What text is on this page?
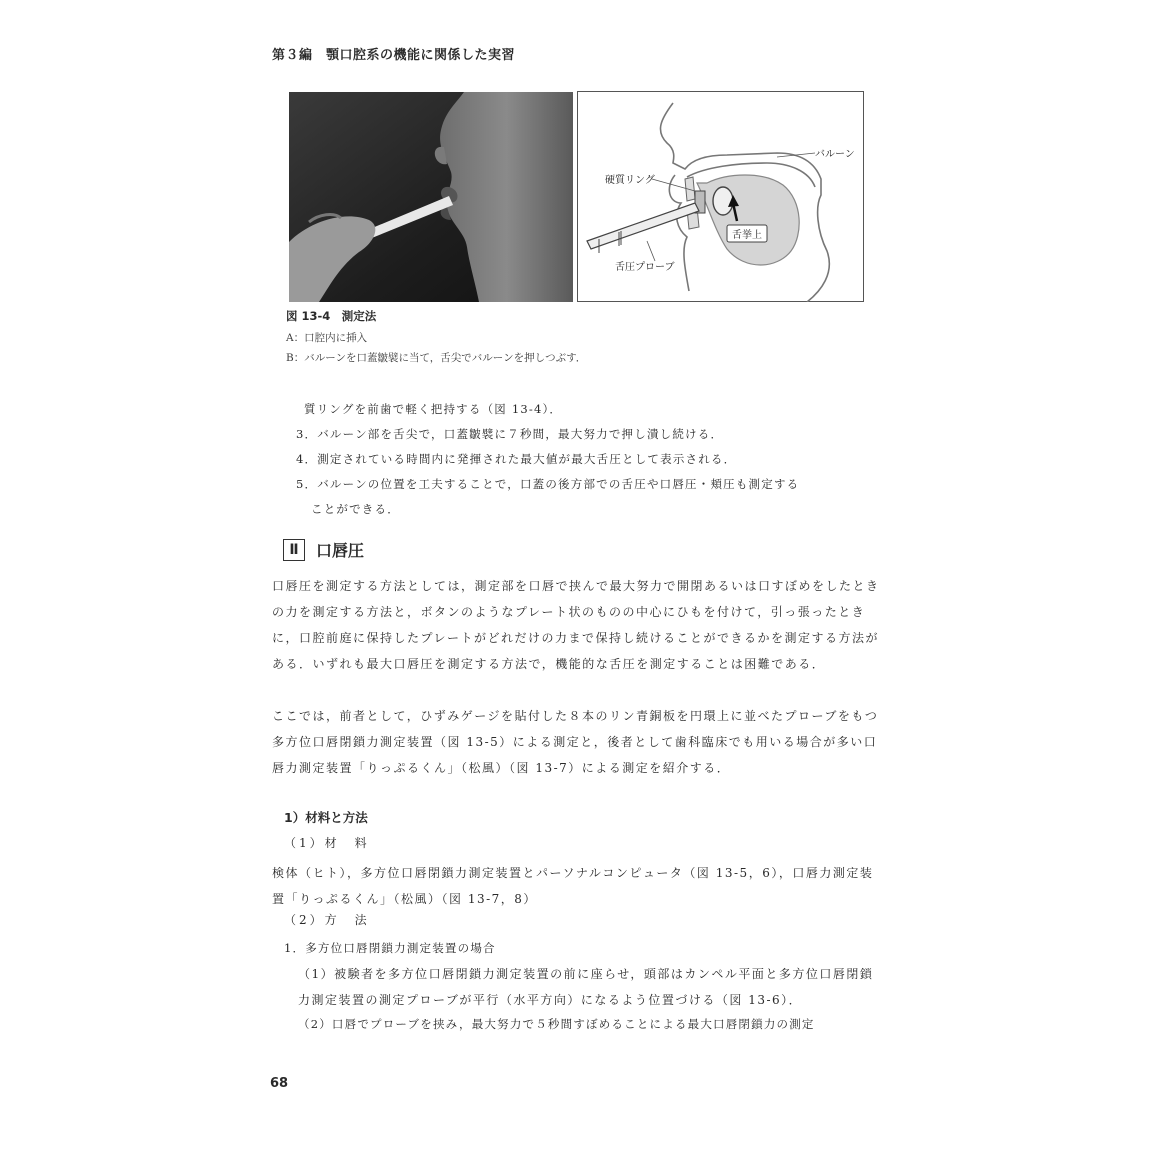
第３編　顎口腔系の機能に関係した実習
舌挙上
バルーン
硬質リング
舌圧プローブ
図 13-4　測定法
A：口腔内に挿入
B：バルーンを口蓋皺襞に当て，舌尖でバルーンを押しつぶす．
質リングを前歯で軽く把持する（図 13-4）．
3．バルーン部を舌尖で，口蓋皺襞に７秒間，最大努力で押し潰し続ける．
4．測定されている時間内に発揮された最大値が最大舌圧として表示される．
5．バルーンの位置を工夫することで，口蓋の後方部での舌圧や口唇圧・頬圧も測定する
ことができる．
Ⅱ	口唇圧
口唇圧を測定する方法としては，測定部を口唇で挟んで最大努力で開閉あるいは口すぼめをしたときの力を測定する方法と，ボタンのようなプレート状のものの中心にひもを付けて，引っ張ったときに，口腔前庭に保持したプレートがどれだけの力まで保持し続けることができるかを測定する方法がある．いずれも最大口唇圧を測定する方法で，機能的な舌圧を測定することは困難である．
ここでは，前者として，ひずみゲージを貼付した８本のリン青銅板を円環上に並べたプローブをもつ多方位口唇閉鎖力測定装置（図 13-5）による測定と，後者として歯科臨床でも用いる場合が多い口唇力測定装置「りっぷるくん」（松風）（図 13-7）による測定を紹介する．
1）材料と方法
（1）材　料
検体（ヒト），多方位口唇閉鎖力測定装置とパーソナルコンピュータ（図 13-5，6），口唇力測定装置「りっぷるくん」（松風）（図 13-7，8）
（2）方　法
1．多方位口唇閉鎖力測定装置の場合
（1）被験者を多方位口唇閉鎖力測定装置の前に座らせ，頭部はカンペル平面と多方位口唇閉鎖力測定装置の測定プローブが平行（水平方向）になるよう位置づける（図 13-6）．
（2）口唇でプローブを挟み，最大努力で５秒間すぼめることによる最大口唇閉鎖力の測定
68
